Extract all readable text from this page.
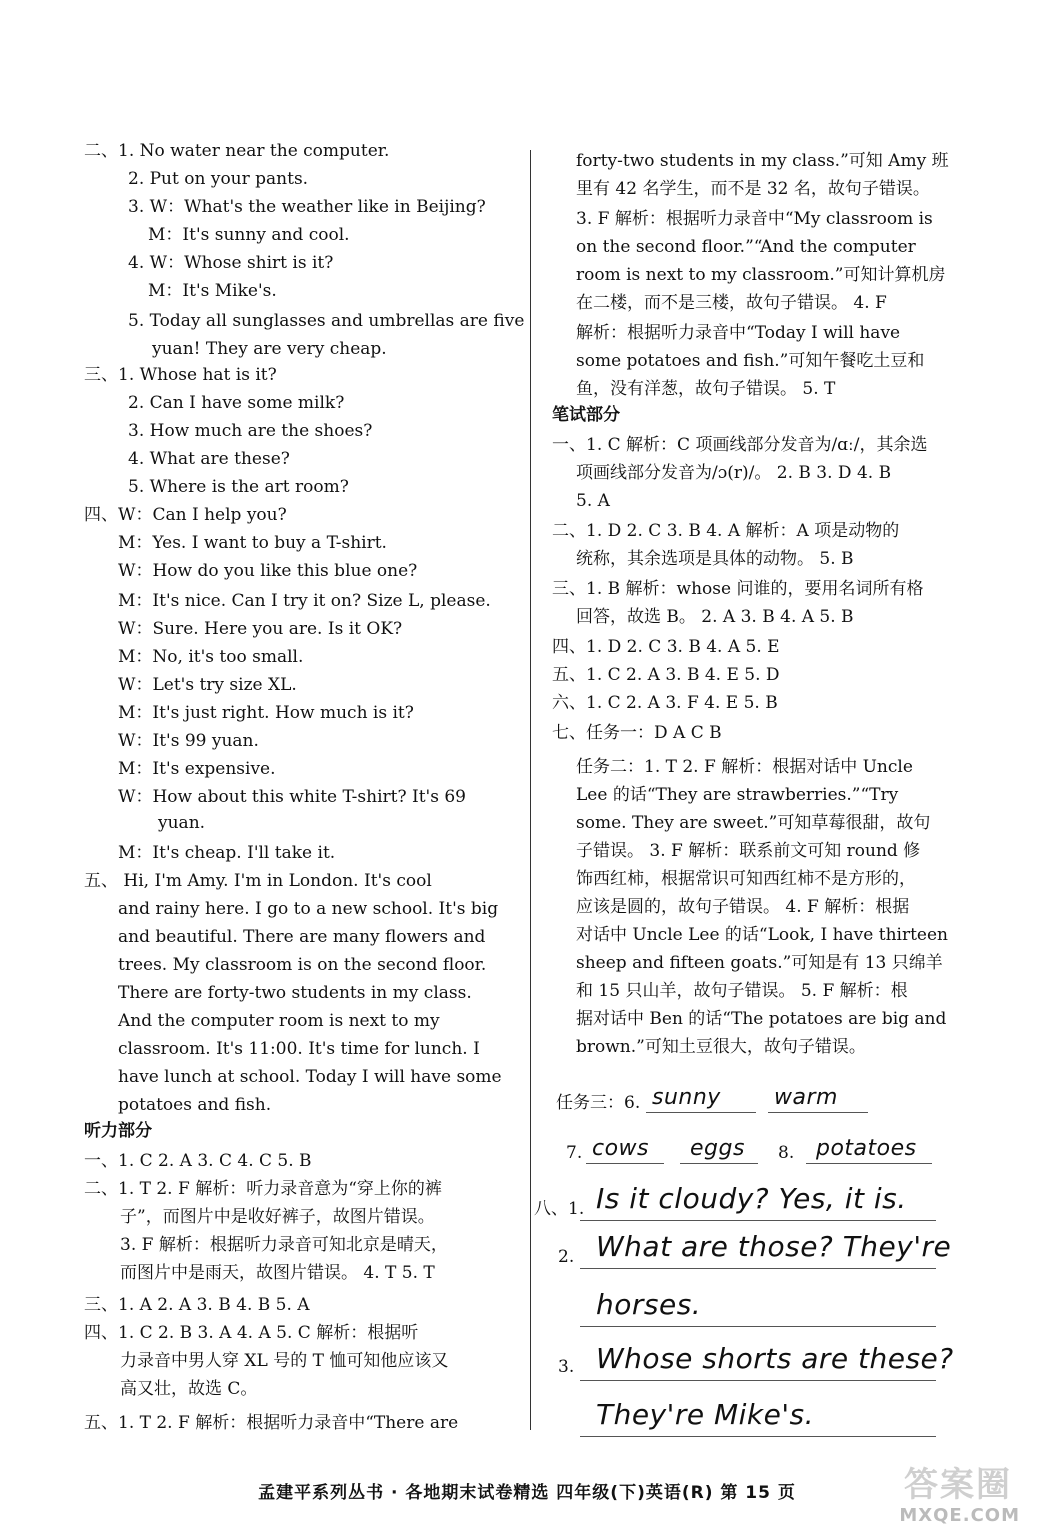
二、1. No water near the computer.
2. Put on your pants.
3. W：What's the weather like in Beijing?
M：It's sunny and cool.
4. W：Whose shirt is it?
M：It's Mike's.
5. Today all sunglasses and umbrellas are five
yuan! They are very cheap.
三、1. Whose hat is it?
2. Can I have some milk?
3. How much are the shoes?
4. What are these?
5. Where is the art room?
四、W：Can I help you?
M：Yes. I want to buy a T-shirt.
W：How do you like this blue one?
M：It's nice. Can I try it on? Size L, please.
W：Sure. Here you are. Is it OK?
M：No, it's too small.
W：Let's try size XL.
M：It's just right. How much is it?
W：It's 99 yuan.
M：It's expensive.
W：How about this white T-shirt? It's 69
yuan.
M：It's cheap. I'll take it.
五、 Hi, I'm Amy. I'm in London. It's cool
and rainy here. I go to a new school. It's big
and beautiful. There are many flowers and
trees. My classroom is on the second floor.
There are forty-two students in my class.
And the computer room is next to my
classroom. It's 11:00. It's time for lunch. I
have lunch at school. Today I will have some
potatoes and fish.
听力部分
一、1. C 2. A 3. C 4. C 5. B
二、1. T 2. F 解析：听力录音意为“穿上你的裤
子”，而图片中是收好裤子，故图片错误。
3. F 解析：根据听力录音可知北京是晴天，
而图片中是雨天，故图片错误。 4. T 5. T
三、1. A 2. A 3. B 4. B 5. A
四、1. C 2. B 3. A 4. A 5. C 解析：根据听
力录音中男人穿 XL 号的 T 恤可知他应该又
高又壮，故选 C。
五、1. T 2. F 解析：根据听力录音中“There are
forty-two students in my class.”可知 Amy 班
里有 42 名学生，而不是 32 名，故句子错误。
3. F 解析：根据听力录音中“My classroom is
on the second floor.”“And the computer
room is next to my classroom.”可知计算机房
在二楼，而不是三楼，故句子错误。 4. F
解析：根据听力录音中“Today I will have
some potatoes and fish.”可知午餐吃土豆和
鱼，没有洋葱，故句子错误。 5. T
笔试部分
一、1. C 解析：C 项画线部分发音为/ɑː/，其余选
项画线部分发音为/ɔ(r)/。 2. B 3. D 4. B
5. A
二、1. D 2. C 3. B 4. A 解析：A 项是动物的
统称，其余选项是具体的动物。 5. B
三、1. B 解析：whose 问谁的，要用名词所有格
回答，故选 B。 2. A 3. B 4. A 5. B
四、1. D 2. C 3. B 4. A 5. E
五、1. C 2. A 3. B 4. E 5. D
六、1. C 2. A 3. F 4. E 5. B
七、任务一：D A C B
任务二：1. T 2. F 解析：根据对话中 Uncle
Lee 的话“They are strawberries.”“Try
some. They are sweet.”可知草莓很甜，故句
子错误。 3. F 解析：联系前文可知 round 修
饰西红柿，根据常识可知西红柿不是方形的，
应该是圆的，故句子错误。 4. F 解析：根据
对话中 Uncle Lee 的话“Look, I have thirteen
sheep and fifteen goats.”可知是有 13 只绵羊
和 15 只山羊，故句子错误。 5. F 解析：根
据对话中 Ben 的话“The potatoes are big and
brown.”可知土豆很大，故句子错误。
任务三：6. sunny warm
7. cows eggs 8. potatoes
八、1. Is it cloudy? Yes, it is.
2. What are those? They're
horses.
3. Whose shorts are these?
They're Mike's.
孟建平系列丛书 · 各地期末试卷精选 四年级(下)英语(R) 第 15 页	答案圈
MXQE.COM
